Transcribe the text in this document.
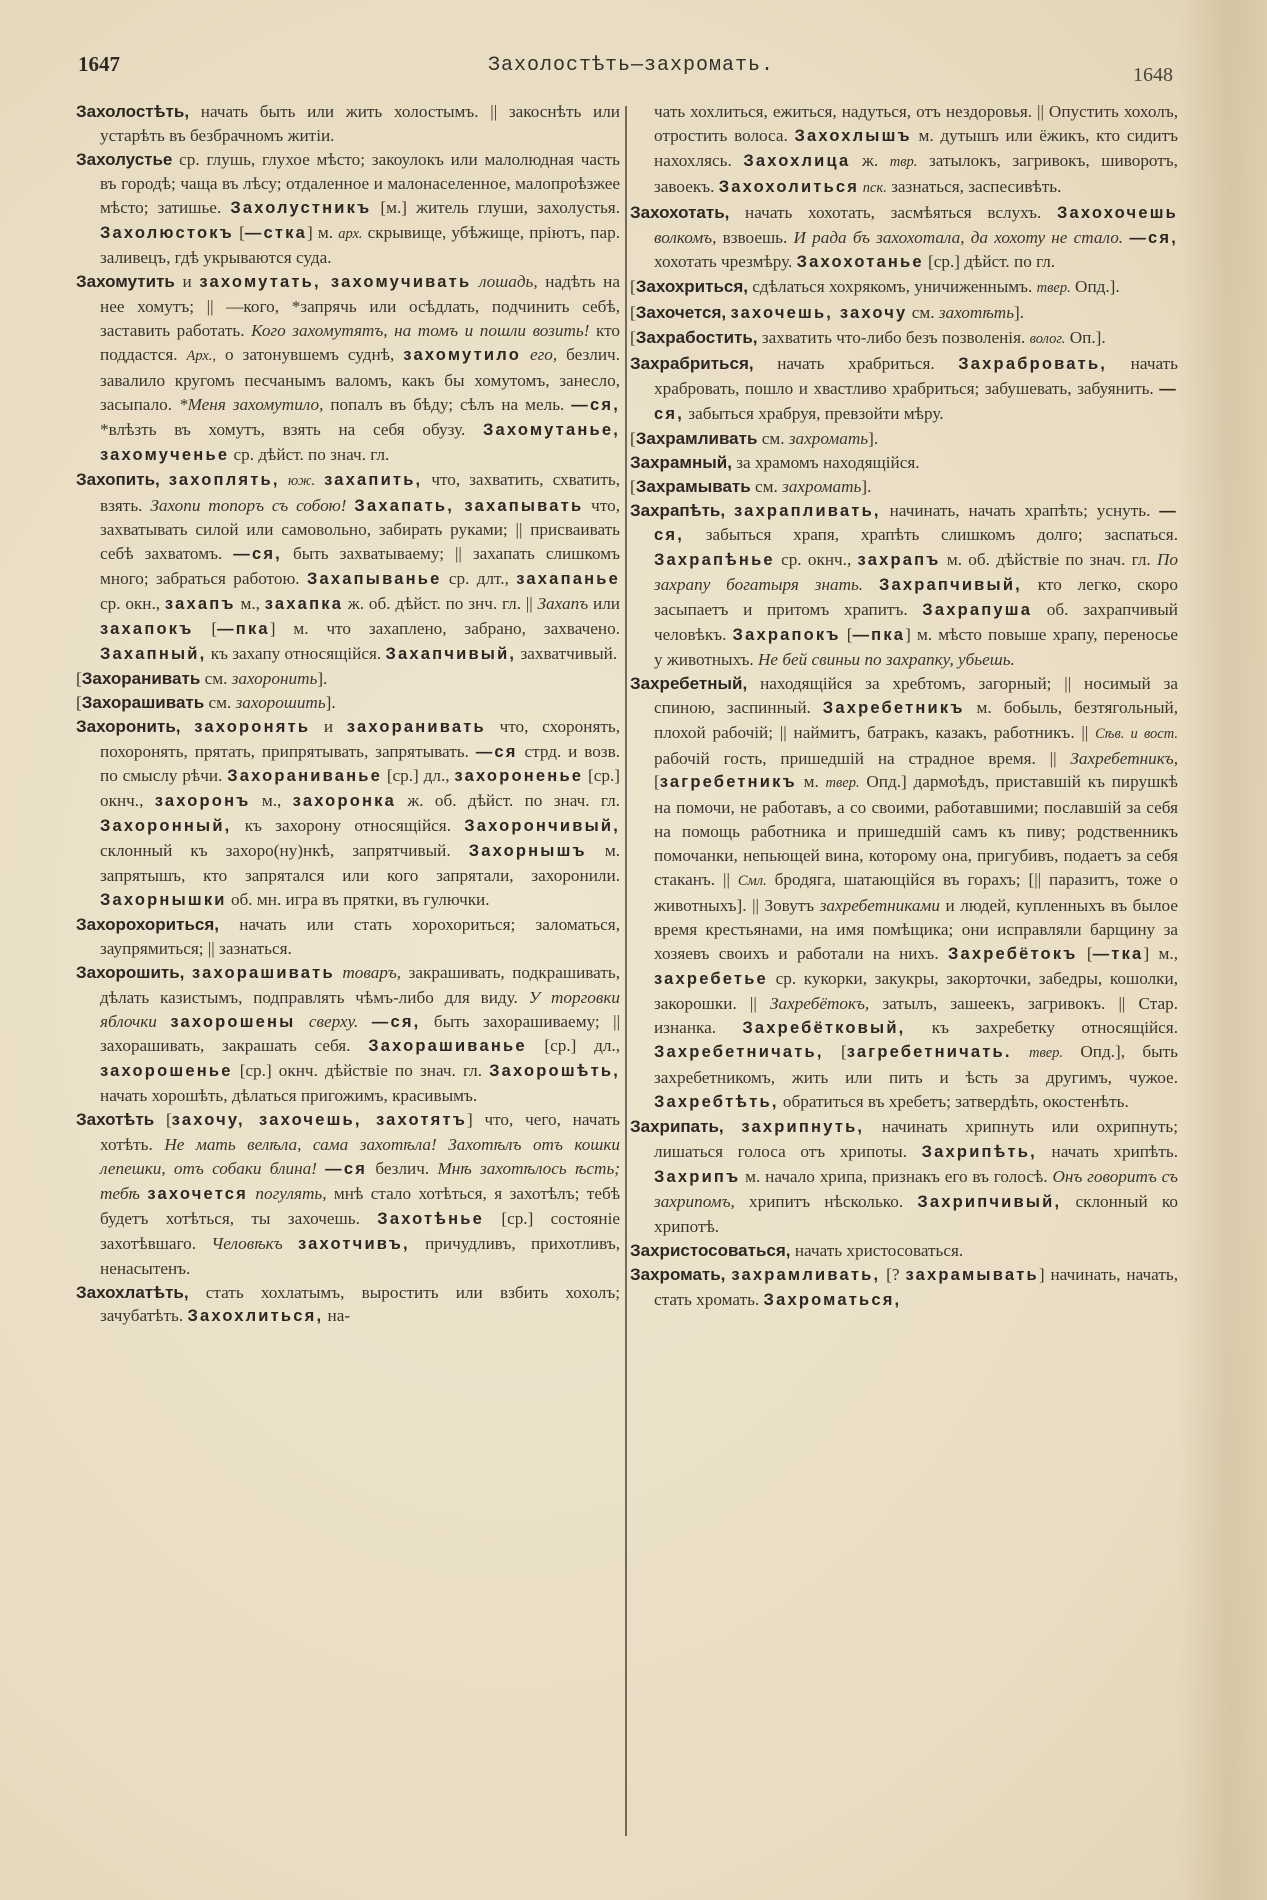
1647	Захолостѣть—захромать.	1648

Захолостѣть, начать быть или жить холостымъ. || закоснѣть или устарѣть въ безбрачномъ житіи.

Захолустье ср. глушь, глухое мѣсто; закоулокъ или малолюдная часть въ городѣ; чаща въ лѣсу; отдаленное и малонаселенное, малопроѣзжее мѣсто; затишье. Захолустникъ [м.] житель глуши, захолустья. Захолюстокъ [—стка] м. арх. скрывище, убѣжище, пріютъ, пар. заливецъ, гдѣ укрываются суда.

Захомутить и захомутать, захомучивать лошадь, надѣть на нее хомутъ; || —кого, *запрячь или осѣдлать, подчинить себѣ, заставить работать. Кого захомутятъ, на томъ и пошли возить! кто поддастся. Арх., о затонувшемъ суднѣ, захомутило его, безлич. завалило кругомъ песчанымъ валомъ, какъ бы хомутомъ, занесло, засыпало. *Меня захомутило, попалъ въ бѣду; сѣлъ на мель. —ся, *влѣзть въ хомутъ, взять на себя обузу. Захомутанье, захомученье ср. дѣйст. по знач. гл.

Захопить, захоплять, юж. захапить, что, захватить, схватить, взять. Захопи топоръ съ собою! Захапать, захапывать что, захватывать силой или самовольно, забирать руками; || присваивать себѣ захватомъ. —ся, быть захватываему; || захапать слишкомъ много; забраться работою. Захапыванье ср. длт., захапанье ср. окн., захапъ м., захапка ж. об. дѣйст. по знч. гл. || Захапъ или захапокъ [—пка] м. что захаплено, забрано, захвачено. Захапный, къ захапу относящійся. Захапчивый, захватчивый.

[Захоранивать см. захоронить].

[Захорашивать см. захорошить].

Захоронить, захоронять и захоранивать что, схоронять, похоронять, прятать, припрятывать, запрятывать. —ся стрд. и возв. по смыслу рѣчи. Захораниванье [ср.] дл., захороненье [ср.] окнч., захоронъ м., захоронка ж. об. дѣйст. по знач. гл. Захоронный, къ захорону относящійся. Захорончивый, склонный къ захоро(ну)нкѣ, запрятчивый. Захорнышъ м. запрятышъ, кто запрятался или кого запрятали, захоронили. Захорнышки об. мн. игра въ прятки, въ гулючки.

Захорохориться, начать или стать хорохориться; заломаться, заупрямиться; || зазнаться.

Захорошить, захорашивать товаръ, закрашивать, подкрашивать, дѣлать казистымъ, подправлять чѣмъ-либо для виду. У торговки яблочки захорошены сверху. —ся, быть захорашиваему; || захорашивать, закрашать себя. Захорашиванье [ср.] дл., захорошенье [ср.] окнч. дѣйствіе по знач. гл. Захорошѣть, начать хорошѣть, дѣлаться пригожимъ, красивымъ.

Захотѣть [захочу, захочешь, захотятъ] что, чего, начать хотѣть. Не мать велѣла, сама захотѣла! Захотѣлъ отъ кошки лепешки, отъ собаки блина! —ся безлич. Мнѣ захотѣлось ѣсть; тебѣ захочется погулять, мнѣ стало хотѣться, я захотѣлъ; тебѣ будетъ хотѣться, ты захочешь. Захотѣнье [ср.] состояніе захотѣвшаго. Человѣкъ захотчивъ, причудливъ, прихотливъ, ненасытенъ.

Захохлатѣть, стать хохлатымъ, выростить или взбить хохолъ; зачубатѣть. Захохлиться, на-

чать хохлиться, ежиться, надуться, отъ нездоровья. || Опустить хохолъ, отростить волоса. Захохлышъ м. дутышъ или ёжикъ, кто сидитъ нахохлясь. Захохлица ж. твр. затылокъ, загривокъ, шиворотъ, завоекъ. Захохолиться пск. зазнаться, заспесивѣть.

Захохотать, начать хохотать, засмѣяться вслухъ. Захохочешь волкомъ, взвоешь. И рада бъ захохотала, да хохоту не стало. —ся, хохотать чрезмѣру. Захохотанье [ср.] дѣйст. по гл.

[Захохриться, сдѣлаться хохрякомъ, уничиженнымъ. твер. Опд.].

[Захочется, захочешь, захочу см. захотѣть].

[Захрабостить, захватить что-либо безъ позволенія. волог. Оп.].

Захрабриться, начать храбриться. Захрабровать, начать храбровать, пошло и хвастливо храбриться; забушевать, забуянить. —ся, забыться храбруя, превзойти мѣру.

[Захрамливать см. захромать].

Захрамный, за храмомъ находящійся.

[Захрамывать см. захромать].

Захрапѣть, захрапливать, начинать, начать храпѣть; уснуть. —ся, забыться храпя, храпѣть слишкомъ долго; заспаться. Захрапѣнье ср. окнч., захрапъ м. об. дѣйствіе по знач. гл. По захрапу богатыря знать. Захрапчивый, кто легко, скоро засыпаетъ и притомъ храпитъ. Захрапуша об. захрапчивый человѣкъ. Захрапокъ [—пка] м. мѣсто повыше храпу, переносье у животныхъ. Не бей свиньи по захрапку, убьешь.

Захребетный, находящійся за хребтомъ, загорный; || носимый за спиною, заспинный. Захребетникъ м. бобыль, безтягольный, плохой рабочій; || наймитъ, батракъ, казакъ, работникъ. || Сѣв. и вост. рабочій гость, пришедшій на страдное время. || Захребетникъ, [загребетникъ м. твер. Опд.] дармоѣдъ, приставшій къ пирушкѣ на помочи, не работавъ, а со своими, работавшими; пославшій за себя на помощь работника и пришедшій самъ къ пиву; родственникъ помочанки, непьющей вина, которому она, пригубивъ, подаетъ за себя стаканъ. || Смл. бродяга, шатающійся въ горахъ; [|| паразитъ, тоже о животныхъ]. || Зовутъ захребетниками и людей, купленныхъ въ былое время крестьянами, на имя помѣщика; они исправляли барщину за хозяевъ своихъ и работали на нихъ. Захребётокъ [—тка] м., захребетье ср. кукорки, закукры, закорточки, забедры, кошолки, закорошки. || Захребётокъ, затылъ, зашеекъ, загривокъ. || Стар. изнанка. Захребётковый, къ захребетку относящійся. Захребетничать, [загребетничать. твер. Опд.], быть захребетникомъ, жить или пить и ѣсть за другимъ, чужое. Захребтѣть, обратиться въ хребетъ; затвердѣть, окостенѣть.

Захрипать, захрипнуть, начинать хрипнуть или охрипнуть; лишаться голоса отъ хрипоты. Захрипѣть, начать хрипѣть. Захрипъ м. начало хрипа, признакъ его въ голосѣ. Онъ говоритъ съ захрипомъ, хрипитъ нѣсколько. Захрипчивый, склонный ко хрипотѣ.

Захристосоваться, начать христосоваться.

Захромать, захрамливать, [? захрамывать] начинать, начать, стать хромать. Захроматься,
